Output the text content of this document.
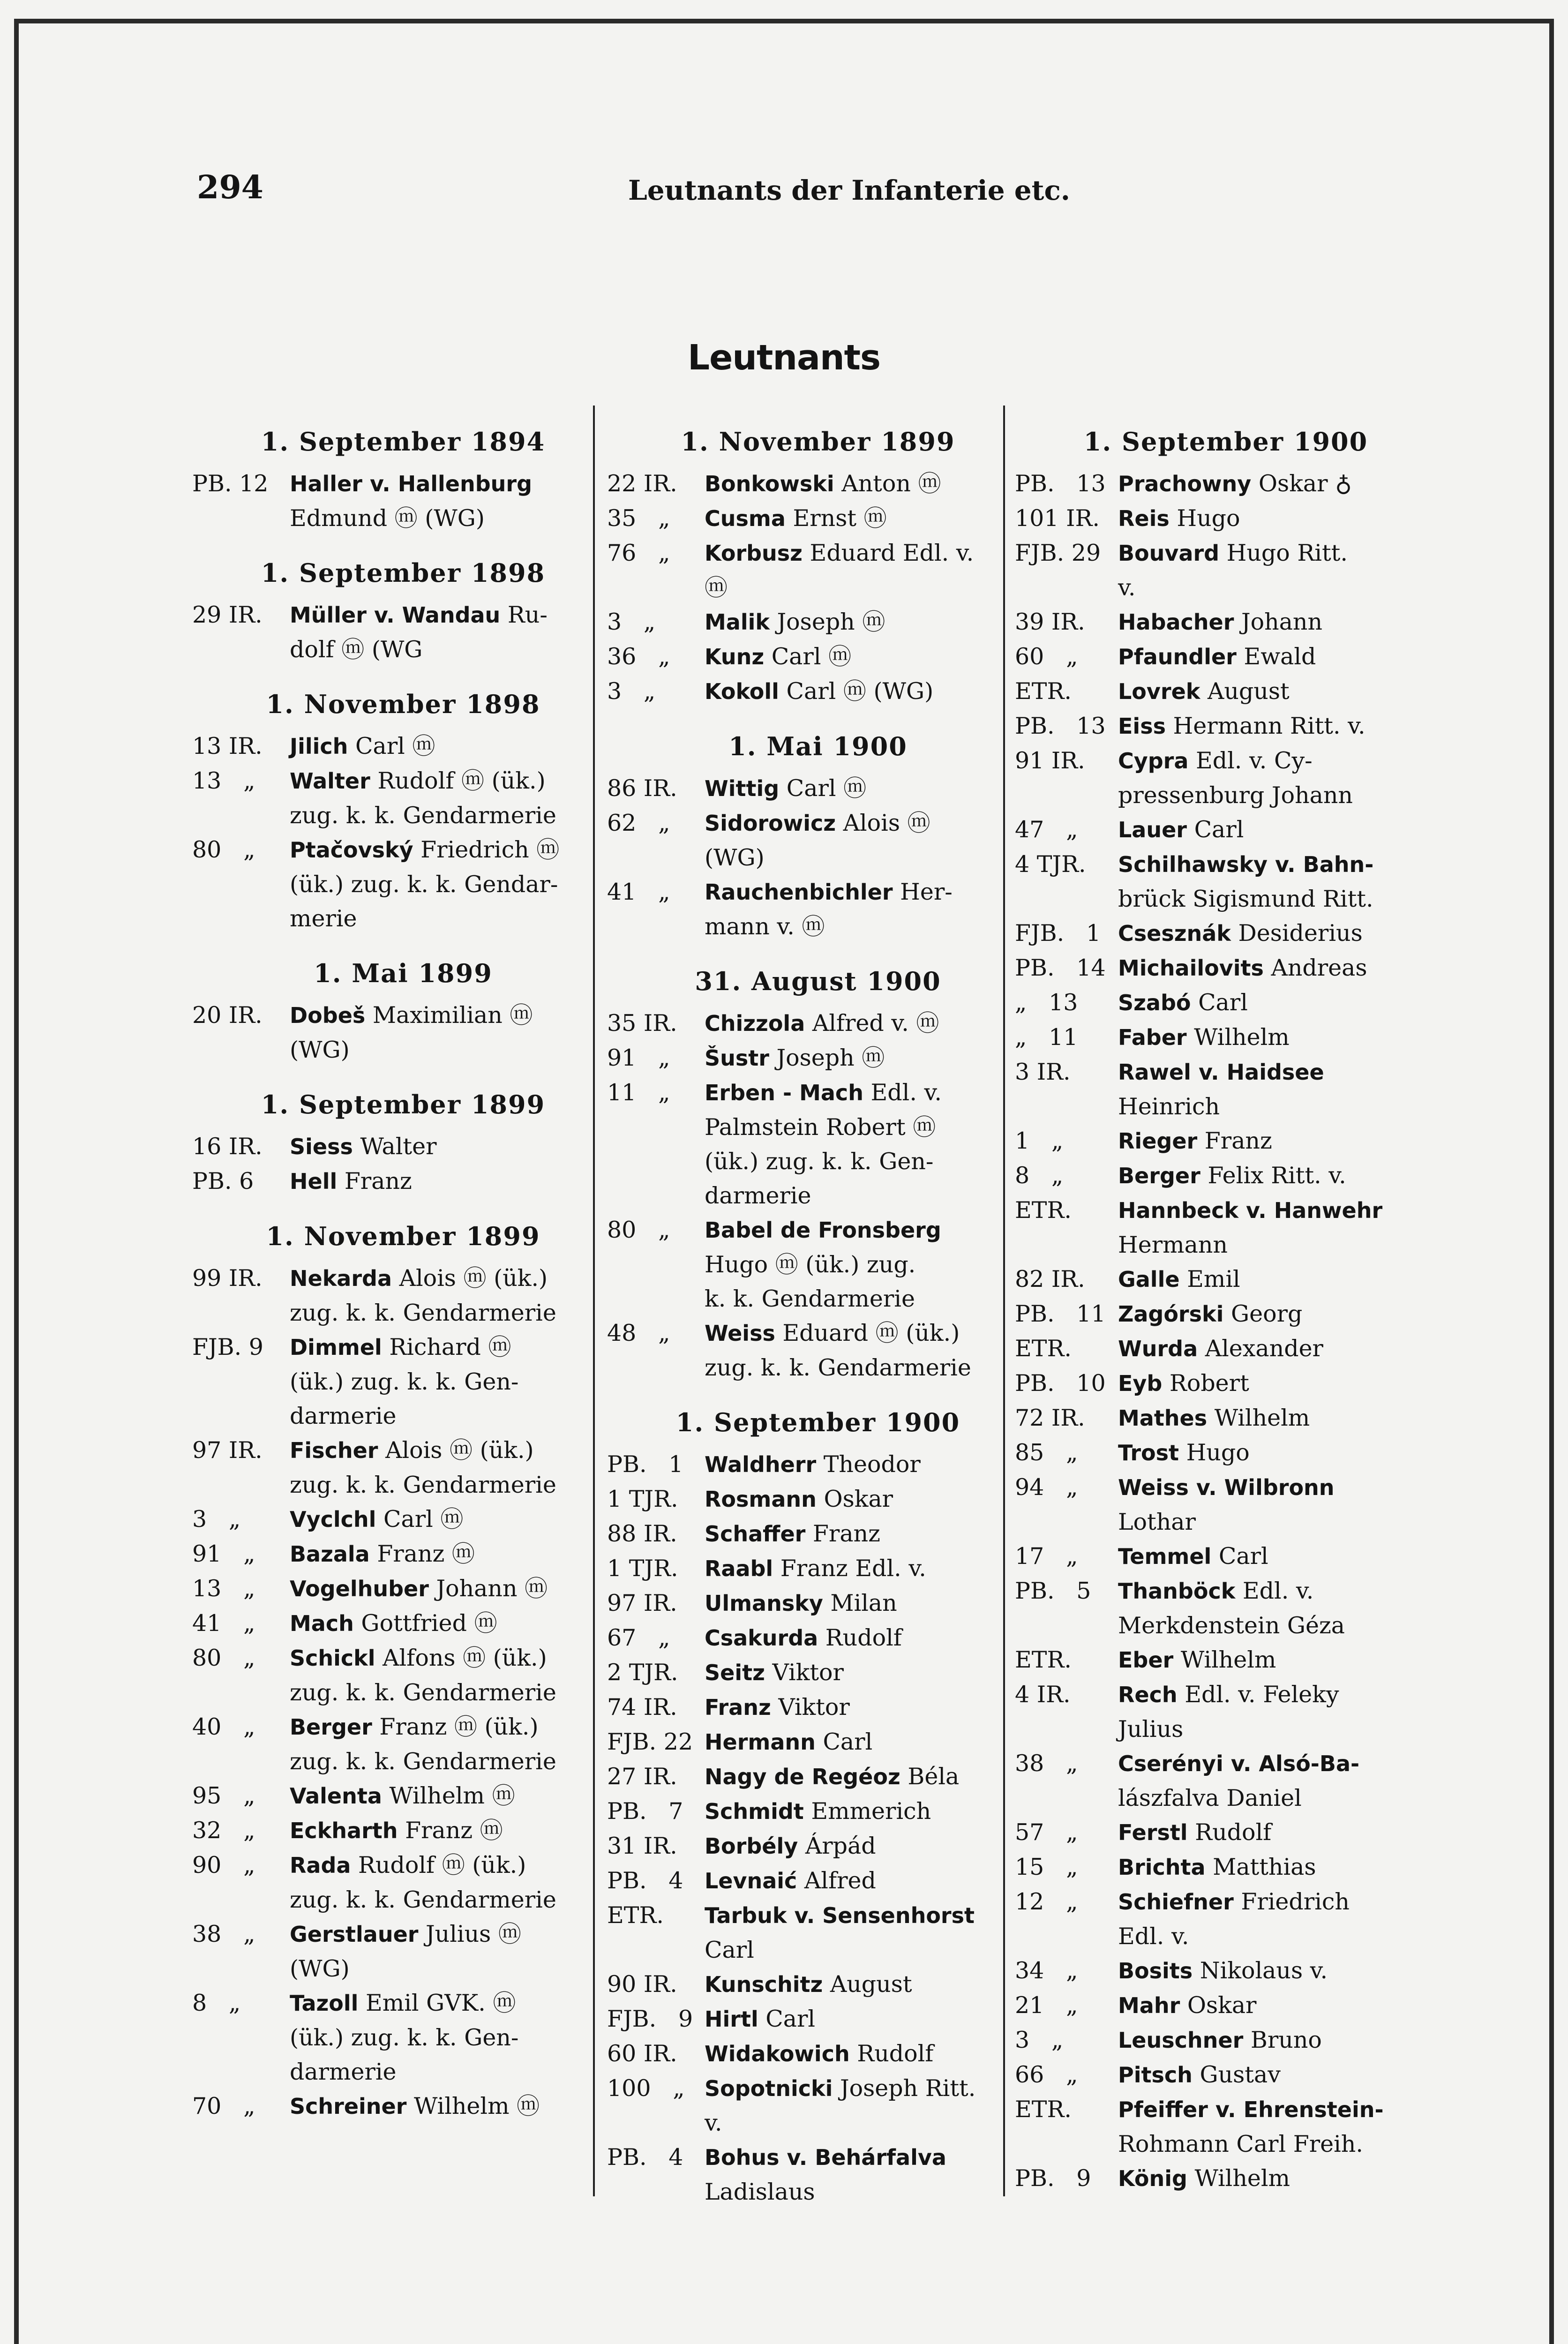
294	Leutnants der Infanterie etc.
Leutnants
1. September 1894
PB. 12 Haller v. Hallenburg
Edmund ⓜ (WG)
1. September 1898
29 IR.	Müller v. Wandau Ru-
dolf ⓜ (WG
1. November 1898
13 IR.	Jilich Carl ⓜ
13   „	Walter Rudolf ⓜ (ük.)
zug. k. k. Gendarmerie
80   „	Ptačovský Friedrich ⓜ
(ük.) zug. k. k. Gendar-
merie
1. Mai 1899
20 IR.	Dobeš Maximilian ⓜ
(WG)
1. September 1899
16 IR.	Siess Walter
PB. 6	Hell Franz
1. November 1899
99 IR.	Nekarda Alois ⓜ (ük.)
zug. k. k. Gendarmerie
FJB. 9	Dimmel Richard ⓜ
(ük.) zug. k. k. Gen-
darmerie
97 IR.	Fischer Alois ⓜ (ük.)
zug. k. k. Gendarmerie
3   „	Vyclchl Carl ⓜ
91   „	Bazala Franz ⓜ
13   „	Vogelhuber Johann ⓜ
41   „	Mach Gottfried ⓜ
80   „	Schickl Alfons ⓜ (ük.)
zug. k. k. Gendarmerie
40   „	Berger Franz ⓜ (ük.)
zug. k. k. Gendarmerie
95   „	Valenta Wilhelm ⓜ
32   „	Eckharth Franz ⓜ
90   „	Rada Rudolf ⓜ (ük.)
zug. k. k. Gendarmerie
38   „	Gerstlauer Julius ⓜ
(WG)
8   „	Tazoll Emil GVK. ⓜ
(ük.) zug. k. k. Gen-
darmerie
70   „	Schreiner Wilhelm ⓜ
1. November 1899
22 IR.	Bonkowski Anton ⓜ
35   „	Cusma Ernst ⓜ
76   „	Korbusz Eduard Edl. v.
ⓜ
3   „	Malik Joseph ⓜ
36   „	Kunz Carl ⓜ
3   „	Kokoll Carl ⓜ (WG)
1. Mai 1900
86 IR.	Wittig Carl ⓜ
62   „	Sidorowicz Alois ⓜ
(WG)
41   „	Rauchenbichler Her-
mann v. ⓜ
31. August 1900
35 IR.	Chizzola Alfred v. ⓜ
91   „	Šustr Joseph ⓜ
11   „	Erben - Mach Edl. v.
Palmstein Robert ⓜ
(ük.) zug. k. k. Gen-
darmerie
80   „	Babel de Fronsberg
Hugo ⓜ (ük.) zug.
k. k. Gendarmerie
48   „	Weiss Eduard ⓜ (ük.)
zug. k. k. Gendarmerie
1. September 1900
PB.   1 Waldherr Theodor
1 TJR.	Rosmann Oskar
88 IR.	Schaffer Franz
1 TJR.	Raabl Franz Edl. v.
97 IR.	Ulmansky Milan
67   „	Csakurda Rudolf
2 TJR.	Seitz Viktor
74 IR.	Franz Viktor
FJB. 22 Hermann Carl
27 IR.	Nagy de Regéoz Béla
PB.   7 Schmidt Emmerich
31 IR.	Borbély Árpád
PB.   4 Levnaić Alfred
ETR.	Tarbuk v. Sensenhorst
Carl
90 IR.	Kunschitz August
FJB.   9 Hirtl Carl
60 IR.	Widakowich Rudolf
100   „ Sopotnicki Joseph Ritt.
v.
PB.   4 Bohus v. Behárfalva
Ladislaus
1. September 1900
PB.   13 Prachowny Oskar ♁
101 IR. Reis Hugo
FJB. 29 Bouvard Hugo Ritt.
v.
39 IR.	Habacher Johann
60   „	Pfaundler Ewald
ETR.	Lovrek August
PB.   13 Eiss Hermann Ritt. v.
91 IR.	Cypra Edl. v. Cy-
pressenburg Johann
47   „	Lauer Carl
4 TJR.	Schilhawsky v. Bahn-
brück Sigismund Ritt.
FJB.   1 Csesznák Desiderius
PB.   14 Michailovits Andreas
„   13	Szabó Carl
„   11	Faber Wilhelm
3 IR.	Rawel v. Haidsee
Heinrich
1   „	Rieger Franz
8   „	Berger Felix Ritt. v.
ETR.	Hannbeck v. Hanwehr
Hermann
82 IR.	Galle Emil
PB.   11 Zagórski Georg
ETR.	Wurda Alexander
PB.   10 Eyb Robert
72 IR.	Mathes Wilhelm
85   „	Trost Hugo
94   „	Weiss v. Wilbronn
Lothar
17   „	Temmel Carl
PB.   5	Thanböck Edl. v.
Merkdenstein Géza
ETR.	Eber Wilhelm
4 IR.	Rech Edl. v. Feleky
Julius
38   „	Cserényi v. Alsó-Ba-
lászfalva Daniel
57   „	Ferstl Rudolf
15   „	Brichta Matthias
12   „	Schiefner Friedrich
Edl. v.
34   „	Bosits Nikolaus v.
21   „	Mahr Oskar
3   „	Leuschner Bruno
66   „	Pitsch Gustav
ETR.	Pfeiffer v. Ehrenstein-
Rohmann Carl Freih.
PB.   9	König Wilhelm
